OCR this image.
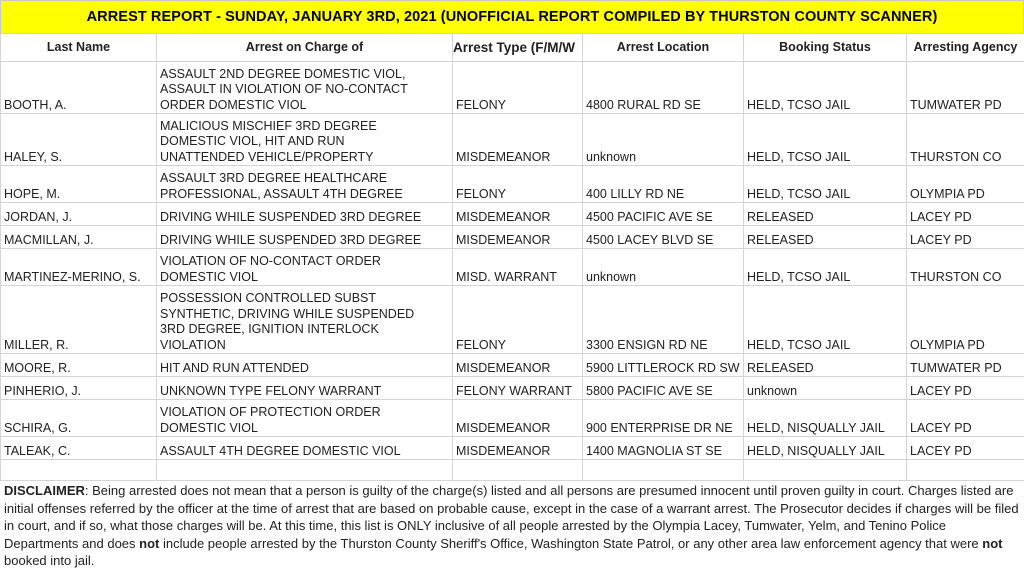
ARREST REPORT - SUNDAY, JANUARY 3RD, 2021 (UNOFFICIAL REPORT COMPILED BY THURSTON COUNTY SCANNER)
Last Name	Arrest on Charge of	Arrest Type (F/M/W	Arrest Location	Booking Status	Arresting Agency
BOOTH, A.	ASSAULT 2ND DEGREE DOMESTIC VIOL,
ASSAULT IN VIOLATION OF NO-CONTACT
ORDER DOMESTIC VIOL	FELONY	4800 RURAL RD SE	HELD, TCSO JAIL	TUMWATER PD
HALEY, S.	MALICIOUS MISCHIEF 3RD DEGREE
DOMESTIC VIOL, HIT AND RUN
UNATTENDED VEHICLE/PROPERTY	MISDEMEANOR	unknown	HELD, TCSO JAIL	THURSTON CO
HOPE, M.	ASSAULT 3RD DEGREE HEALTHCARE
PROFESSIONAL, ASSAULT 4TH DEGREE	FELONY	400 LILLY RD NE	HELD, TCSO JAIL	OLYMPIA PD
JORDAN, J.	DRIVING WHILE SUSPENDED 3RD DEGREE	MISDEMEANOR	4500 PACIFIC AVE SE	RELEASED	LACEY PD
MACMILLAN, J.	DRIVING WHILE SUSPENDED 3RD DEGREE	MISDEMEANOR	4500 LACEY BLVD SE	RELEASED	LACEY PD
MARTINEZ-MERINO, S.	VIOLATION OF NO-CONTACT ORDER
DOMESTIC VIOL	MISD. WARRANT	unknown	HELD, TCSO JAIL	THURSTON CO
MILLER, R.	POSSESSION CONTROLLED SUBST
SYNTHETIC, DRIVING WHILE SUSPENDED
3RD DEGREE, IGNITION INTERLOCK
VIOLATION	FELONY	3300 ENSIGN RD NE	HELD, TCSO JAIL	OLYMPIA PD
MOORE, R.	HIT AND RUN ATTENDED	MISDEMEANOR	5900 LITTLEROCK RD SW	RELEASED	TUMWATER PD
PINHERIO, J.	UNKNOWN TYPE FELONY WARRANT	FELONY WARRANT	5800 PACIFIC AVE SE	unknown	LACEY PD
SCHIRA, G.	VIOLATION OF PROTECTION ORDER
DOMESTIC VIOL	MISDEMEANOR	900 ENTERPRISE DR NE	HELD, NISQUALLY JAIL	LACEY PD
TALEAK, C.	ASSAULT 4TH DEGREE DOMESTIC VIOL	MISDEMEANOR	1400 MAGNOLIA ST SE	HELD, NISQUALLY JAIL	LACEY PD

DISCLAIMER: Being arrested does not mean that a person is guilty of the charge(s) listed and all persons are presumed innocent until proven guilty in court. Charges listed are initial offenses referred by the officer at the time of arrest that are based on probable cause, except in the case of a warrant arrest. The Prosecutor decides if charges will be filed in court, and if so, what those charges will be. At this time, this list is ONLY inclusive of all people arrested by the Olympia Lacey, Tumwater, Yelm, and Tenino Police Departments and does not include people arrested by the Thurston County Sheriff's Office, Washington State Patrol, or any other area law enforcement agency that were not booked into jail.
